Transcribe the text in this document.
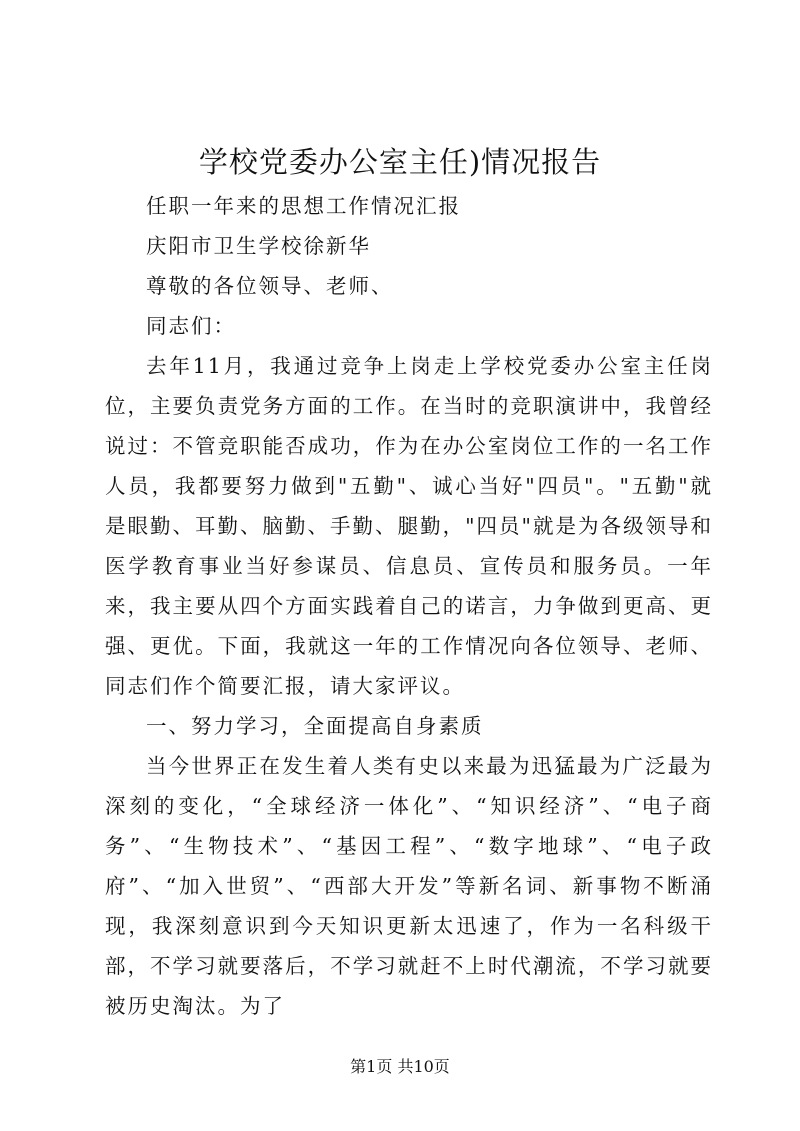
学校党委办公室主任)情况报告

任职一年来的思想工作情况汇报

庆阳市卫生学校徐新华

尊敬的各位领导、老师、

同志们：

去年11月，我通过竞争上岗走上学校党委办公室主任岗位，主要负责党务方面的工作。在当时的竞职演讲中，我曾经说过：不管竞职能否成功，作为在办公室岗位工作的一名工作人员，我都要努力做到"五勤"、诚心当好"四员"。"五勤"就是眼勤、耳勤、脑勤、手勤、腿勤，"四员"就是为各级领导和医学教育事业当好参谋员、信息员、宣传员和服务员。一年来，我主要从四个方面实践着自己的诺言，力争做到更高、更强、更优。下面，我就这一年的工作情况向各位领导、老师、同志们作个简要汇报，请大家评议。

一、努力学习，全面提高自身素质

当今世界正在发生着人类有史以来最为迅猛最为广泛最为深刻的变化，“全球经济一体化”、“知识经济”、“电子商务”、“生物技术”、“基因工程”、“数字地球”、“电子政府”、“加入世贸”、“西部大开发”等新名词、新事物不断涌现，我深刻意识到今天知识更新太迅速了，作为一名科级干部，不学习就要落后，不学习就赶不上时代潮流，不学习就要被历史淘汰。为了

第1页 共10页
